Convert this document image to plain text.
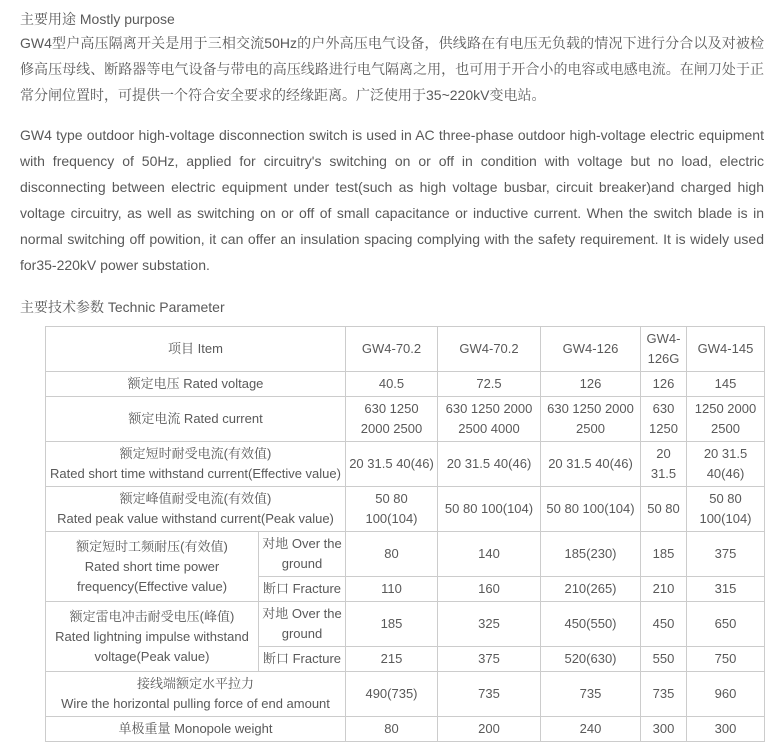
主要用途 Mostly purpose

GW4型户高压隔离开关是用于三相交流50Hz的户外高压电气设备，供线路在有电压无负载的情况下进行分合以及对被检修高压母线、断路器等电气设备与带电的高压线路进行电气隔离之用，也可用于开合小的电容或电感电流。在闸刀处于正常分闸位置时，可提供一个符合安全要求的经缘距离。广泛使用于35~220kV变电站。

GW4 type outdoor high-voltage disconnection switch is used in AC three-phase outdoor high-voltage electric equipment with frequency of 50Hz, applied for circuitry's switching on or off in condition with voltage but no load, electric disconnecting between electric equipment under test(such as high voltage busbar, circuit breaker)and charged high voltage circuitry, as well as switching on or off of small capacitance or inductive current. When the switch blade is in normal switching off powition, it can offer an insulation spacing complying with the safety requirement. It is widely used for35-220kV power substation.

主要技术参数 Technic Parameter
项目 Item		GW4-70.2	GW4-70.2	GW4-126	GW4-126G	GW4-145
额定电压 Rated voltage		40.5	72.5	126	126	145
额定电流 Rated current		630 1250 2000 2500	630 1250 2000 2500 4000	630 1250 2000 2500	630 1250	1250 2000 2500

额定短时耐受电流(有效值)
Rated short time withstand current(Effective value)		20 31.5 40(46)	20 31.5 40(46)	20 31.5 40(46)	20 31.5	20 31.5 40(46)

额定峰值耐受电流(有效值)
Rated peak value withstand current(Peak value)		50 80 100(104)	50 80 100(104)	50 80 100(104)	50 80	50 80 100(104)

额定短时工频耐压(有效值)
Rated short time power frequency(Effective value)	对地 Over the ground	80	140	185(230)	185	375
	断口 Fracture	110	160	210(265)	210	315

额定雷电冲击耐受电压(峰值)
Rated lightning impulse withstand voltage(Peak value)	对地 Over the ground	185	325	450(550)	450	650
	断口 Fracture	215	375	520(630)	550	750

接线端额定水平拉力
Wire the horizontal pulling force of end amount		490(735)	735	735	735	960
单极重量 Monopole weight		80	200	240	300	300
